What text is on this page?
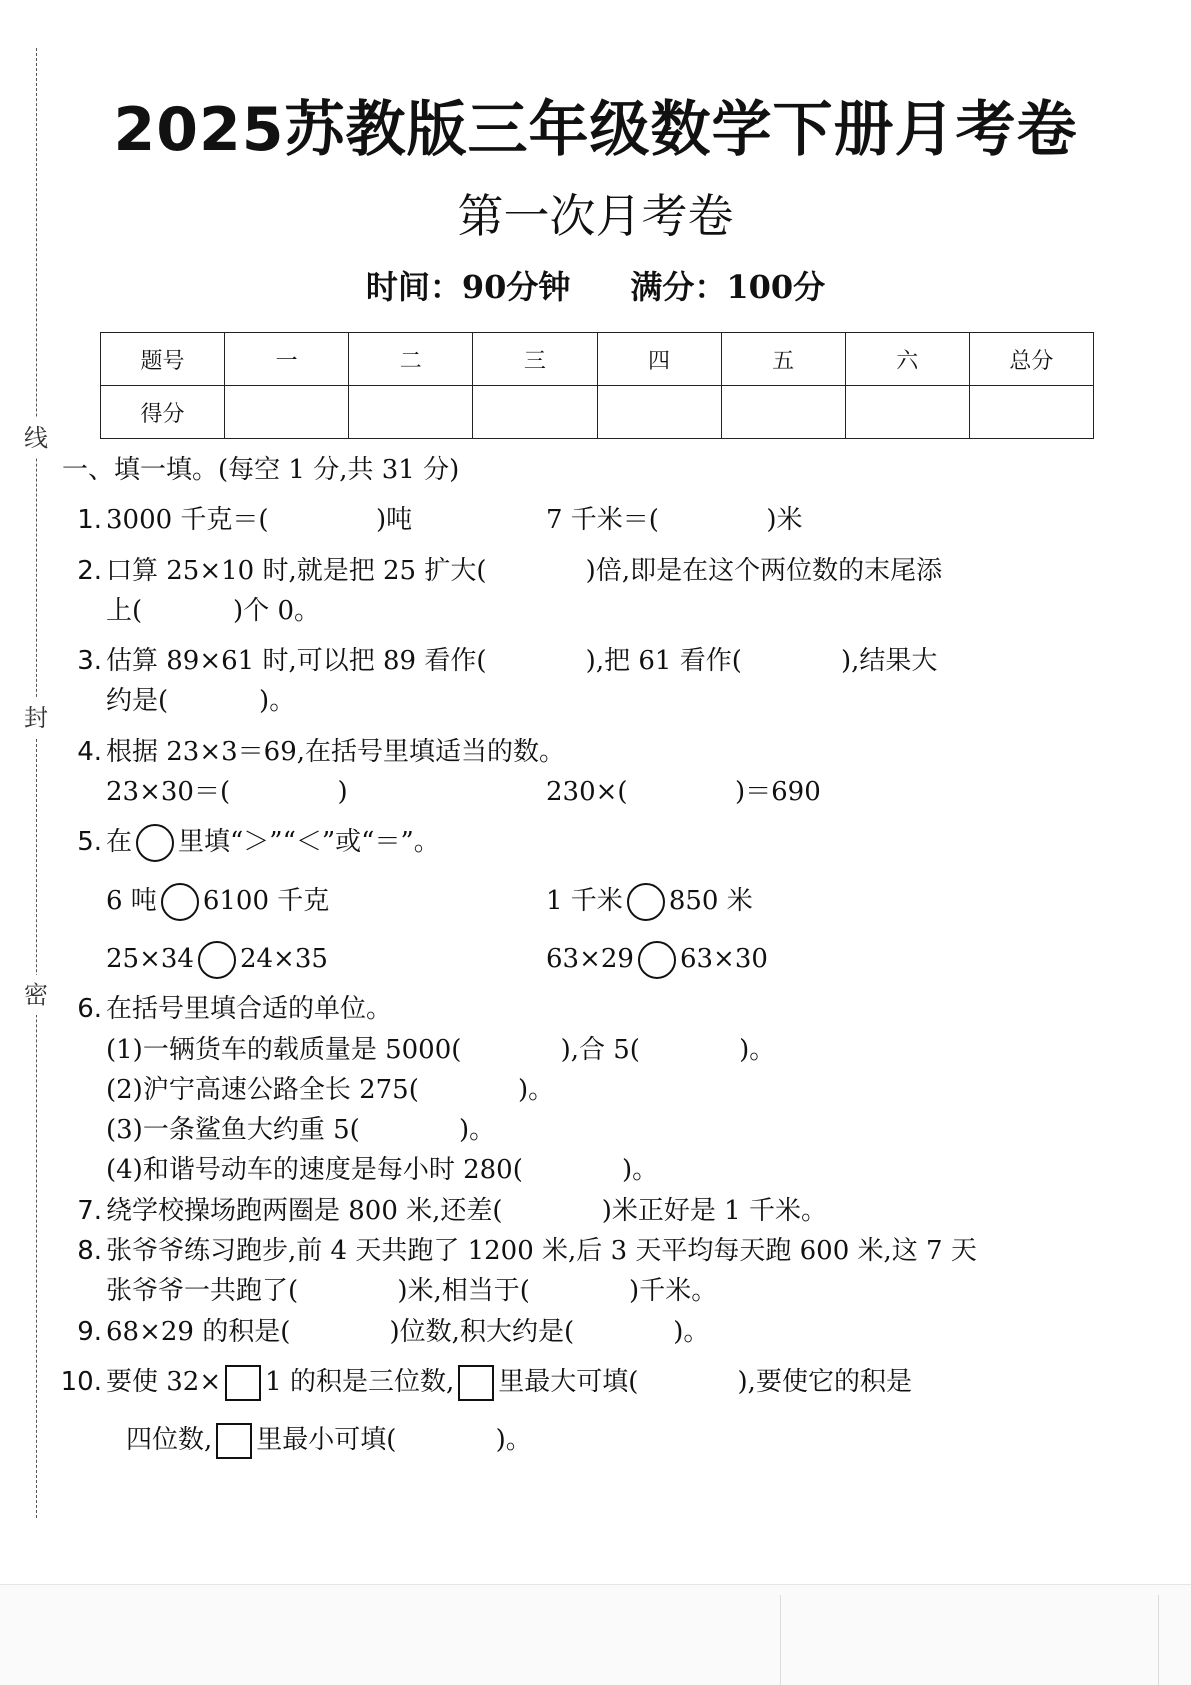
线
封
密
2025苏教版三年级数学下册月考卷
第一次月考卷
时间：90分钟 满分：100分
题号	一	二	三	四	五	六	总分
得分							

一、填一填。(每空 1 分,共 31 分)

1. 3000 千克＝(             )吨	7 千米＝(             )米
2. 口算 25×10 时,就是把 25 扩大(            )倍,即是在这个两位数的末尾添

上(           )个 0。

3. 估算 89×61 时,可以把 89 看作(            ),把 61 看作(            ),结果大

约是(           )。

4. 根据 23×3＝69,在括号里填适当的数。

23×30＝(             )	230×(             )＝690
5. 在 里填“＞”“＜”或“＝”。

6 吨 6100 千克	1 千米 850 米
25×34 24×35	63×29 63×30
6. 在括号里填合适的单位。

(1)一辆货车的载质量是 5000(            ),合 5(            )。

(2)沪宁高速公路全长 275(            )。

(3)一条鲨鱼大约重 5(            )。

(4)和谐号动车的速度是每小时 280(            )。

7. 绕学校操场跑两圈是 800 米,还差(            )米正好是 1 千米。

8. 张爷爷练习跑步,前 4 天共跑了 1200 米,后 3 天平均每天跑 600 米,这 7 天

张爷爷一共跑了(            )米,相当于(            )千米。

9. 68×29 的积是(            )位数,积大约是(            )。

10. 要使 32× 1 的积是三位数, 里最大可填(            ),要使它的积是

四位数, 里最小可填(            )。
